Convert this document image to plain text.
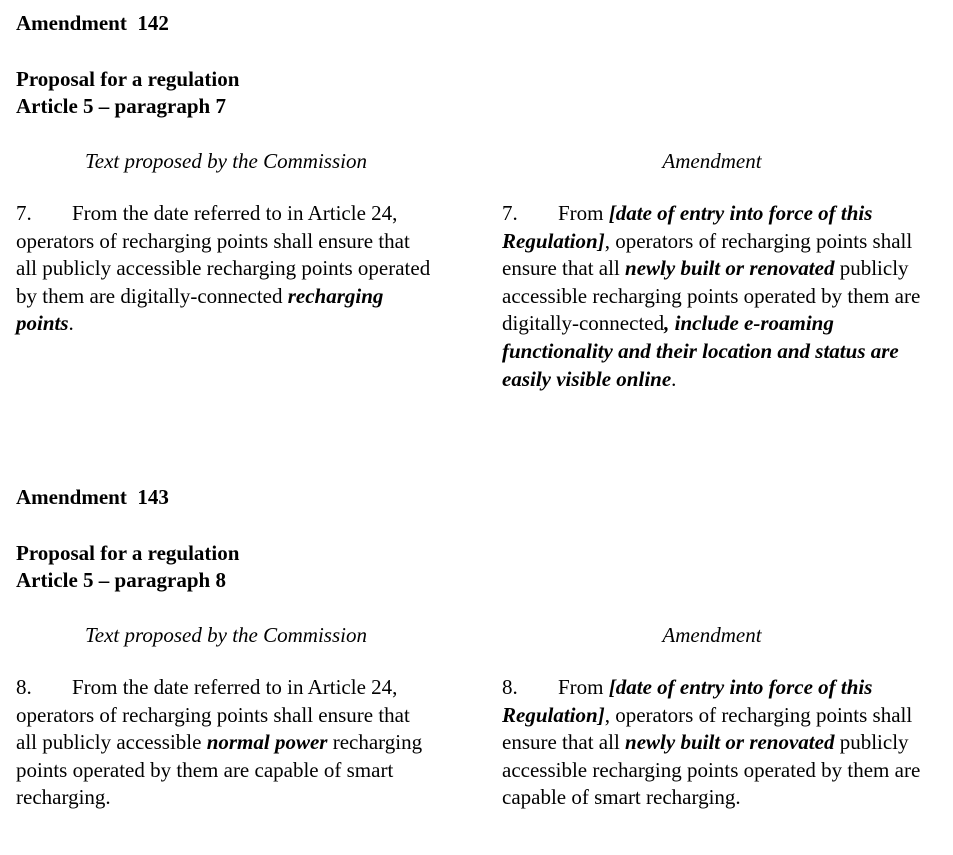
Amendment  142
Proposal for a regulation
Article 5 – paragraph 7
Text proposed by the Commission	Amendment
7. From the date referred to in Article 24, operators of recharging points shall ensure that all publicly accessible recharging points operated by them are digitally-connected recharging points.
7. From [date of entry into force of this Regulation], operators of recharging points shall ensure that all newly built or renovated publicly accessible recharging points operated by them are digitally-connected, include e-roaming functionality and their location and status are easily visible online.
Amendment  143
Proposal for a regulation
Article 5 – paragraph 8
Text proposed by the Commission	Amendment
8. From the date referred to in Article 24, operators of recharging points shall ensure that all publicly accessible normal power recharging points operated by them are capable of smart recharging.
8. From [date of entry into force of this Regulation], operators of recharging points shall ensure that all newly built or renovated publicly accessible recharging points operated by them are capable of smart recharging.
